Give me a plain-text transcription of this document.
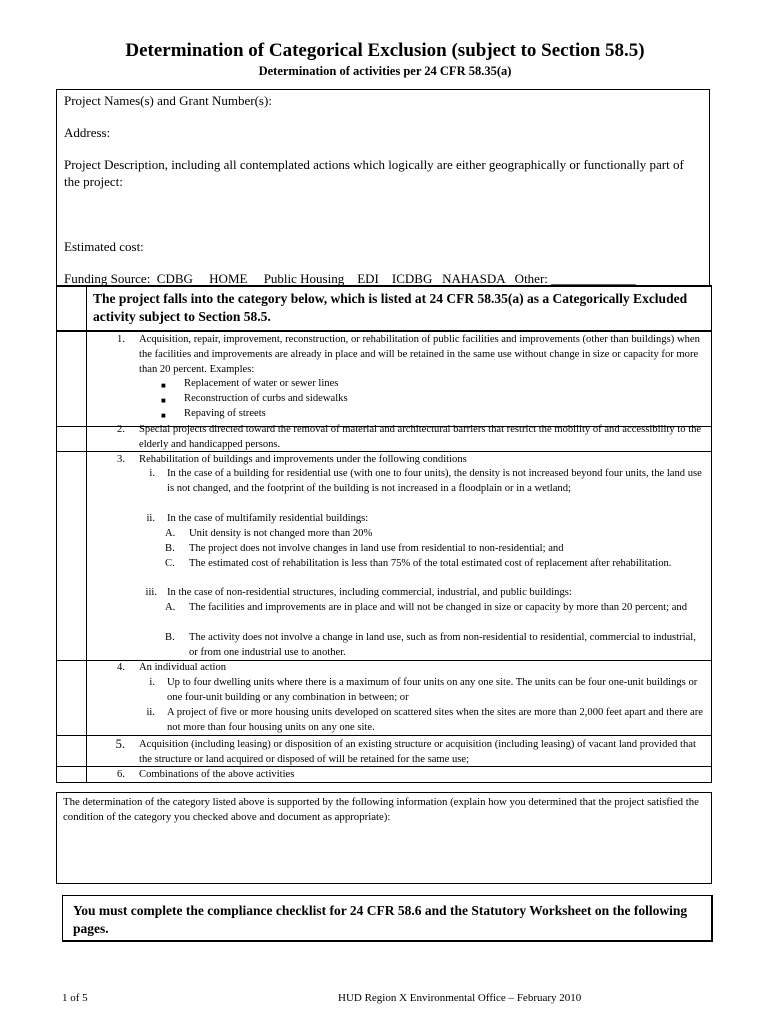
Determination of Categorical Exclusion (subject to Section 58.5)
Determination of activities per 24 CFR 58.35(a)
Project Names(s) and Grant Number(s):
Address:
Project Description, including all contemplated actions which logically are either geographically or functionally part of the project:
Estimated cost:
Funding Source:  CDBG     HOME     Public Housing    EDI    ICDBG   NAHASDA   Other: _____________
The project falls into the category below, which is listed at 24 CFR 58.35(a) as a Categorically Excluded activity subject to Section 58.5.
1. Acquisition, repair, improvement, reconstruction, or rehabilitation of public facilities and improvements (other than buildings) when the facilities and improvements are already in place and will be retained in the same use without change in size or capacity for more than 20 percent. Examples:
■ Replacement of water or sewer lines
■ Reconstruction of curbs and sidewalks
■ Repaving of streets
2. Special projects directed toward the removal of material and architectural barriers that restrict the mobility of and accessibility to the elderly and handicapped persons.
3. Rehabilitation of buildings and improvements under the following conditions
i. In the case of a building for residential use (with one to four units), the density is not increased beyond four units, the land use is not changed, and the footprint of the building is not increased in a floodplain or in a wetland;
ii. In the case of multifamily residential buildings:
A. Unit density is not changed more than 20%
B. The project does not involve changes in land use from residential to non-residential; and
C. The estimated cost of rehabilitation is less than 75% of the total estimated cost of replacement after rehabilitation.
iii. In the case of non-residential structures, including commercial, industrial, and public buildings:
A. The facilities and improvements are in place and will not be changed in size or capacity by more than 20 percent; and
B. The activity does not involve a change in land use, such as from non-residential to residential, commercial to industrial, or from one industrial use to another.
4. An individual action
i. Up to four dwelling units where there is a maximum of four units on any one site. The units can be four one-unit buildings or one four-unit building or any combination in between; or
ii. A project of five or more housing units developed on scattered sites when the sites are more than 2,000 feet apart and there are not more than four housing units on any one site.
5. Acquisition (including leasing) or disposition of an existing structure or acquisition (including leasing) of vacant land provided that the structure or land acquired or disposed of will be retained for the same use;
6. Combinations of the above activities
The determination of the category listed above is supported by the following information (explain how you determined that the project satisfied the condition of the category you checked above and document as appropriate):
You must complete the compliance checklist for 24 CFR 58.6 and the Statutory Worksheet on the following pages.
1 of 5	HUD Region X Environmental Office – February 2010
